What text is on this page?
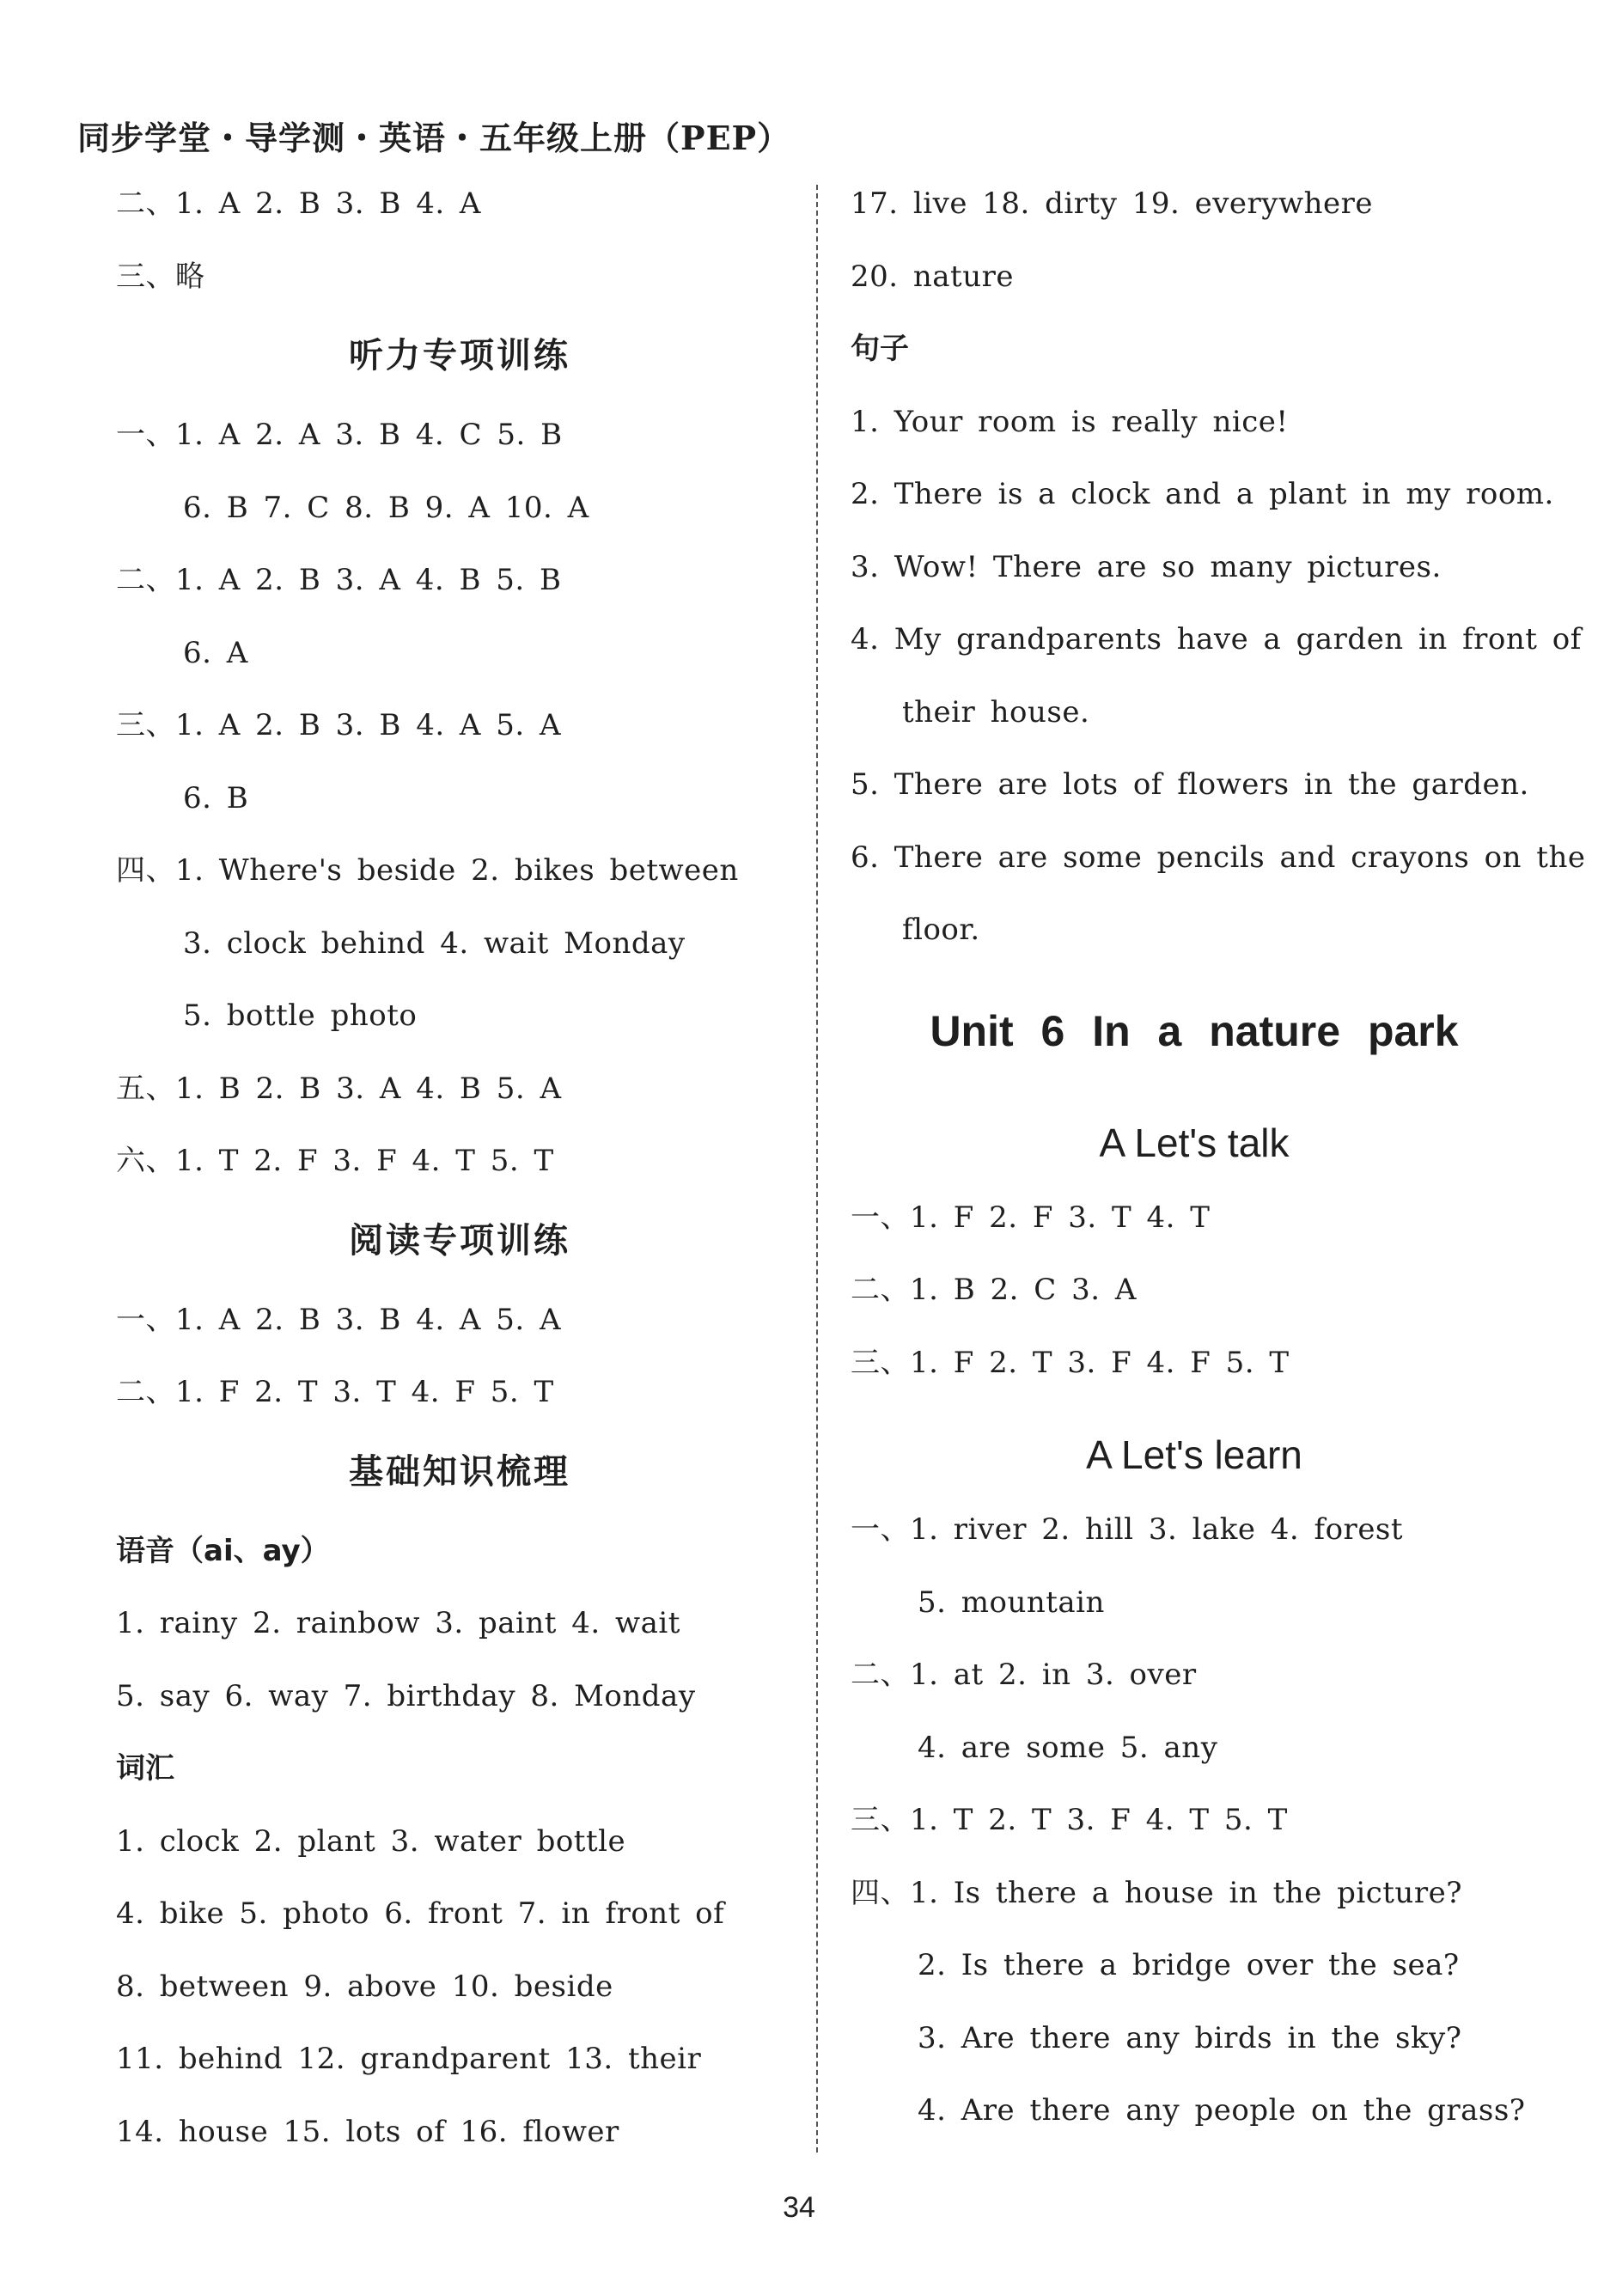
同步学堂・导学测・英语・五年级上册（PEP）
二、1. A 2. B 3. B 4. A
三、略
听力专项训练
一、1. A 2. A 3. B 4. C 5. B
6. B 7. C 8. B 9. A 10. A
二、1. A 2. B 3. A 4. B 5. B
6. A
三、1. A 2. B 3. B 4. A 5. A
6. B
四、1. Where's beside 2. bikes between
3. clock behind 4. wait Monday
5. bottle photo
五、1. B 2. B 3. A 4. B 5. A
六、1. T 2. F 3. F 4. T 5. T
阅读专项训练
一、1. A 2. B 3. B 4. A 5. A
二、1. F 2. T 3. T 4. F 5. T
基础知识梳理
语音（ai、ay）
1. rainy 2. rainbow 3. paint 4. wait
5. say 6. way 7. birthday 8. Monday
词汇
1. clock 2. plant 3. water bottle
4. bike 5. photo 6. front 7. in front of
8. between 9. above 10. beside
11. behind 12. grandparent 13. their
14. house 15. lots of 16. flower
17. live 18. dirty 19. everywhere
20. nature
句子
1. Your room is really nice!
2. There is a clock and a plant in my room.
3. Wow! There are so many pictures.
4. My grandparents have a garden in front of
their house.
5. There are lots of flowers in the garden.
6. There are some pencils and crayons on the
floor.
Unit 6 In a nature park
A Let's talk
一、1. F 2. F 3. T 4. T
二、1. B 2. C 3. A
三、1. F 2. T 3. F 4. F 5. T
A Let's learn
一、1. river 2. hill 3. lake 4. forest
5. mountain
二、1. at 2. in 3. over
4. are some 5. any
三、1. T 2. T 3. F 4. T 5. T
四、1. Is there a house in the picture?
2. Is there a bridge over the sea?
3. Are there any birds in the sky?
4. Are there any people on the grass?
34
